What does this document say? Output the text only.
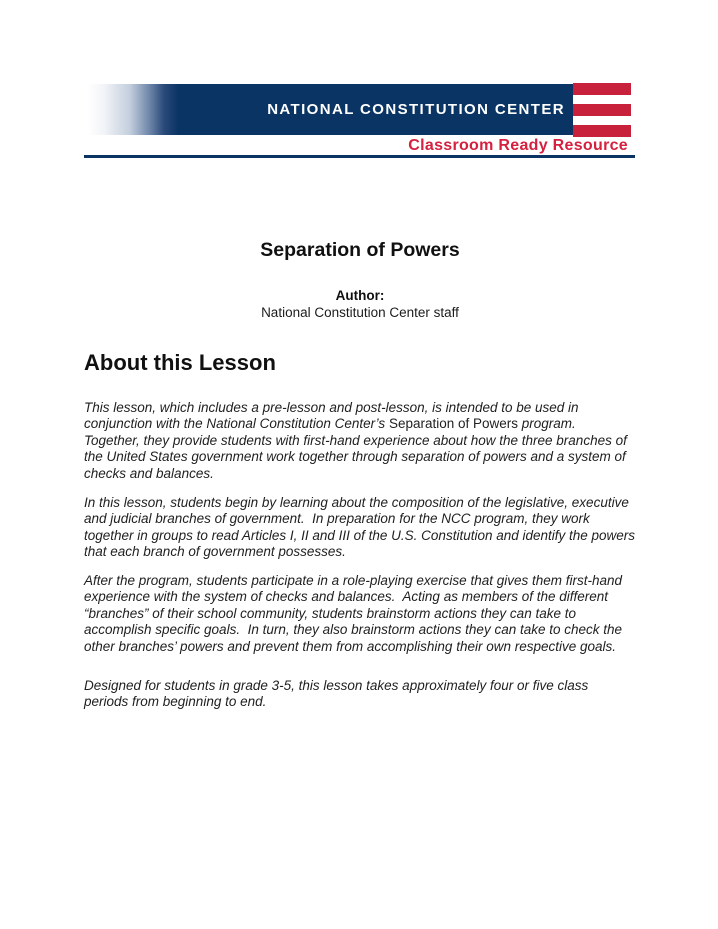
NATIONAL CONSTITUTION CENTER
Classroom Ready Resource
Separation of Powers
Author:
National Constitution Center staff
About this Lesson

This lesson, which includes a pre-lesson and post-lesson, is intended to be used in conjunction with the National Constitution Center’s Separation of Powers program.  Together, they provide students with first-hand experience about how the three branches of the United States government work together through separation of powers and a system of checks and balances.

In this lesson, students begin by learning about the composition of the legislative, executive and judicial branches of government.  In preparation for the NCC program, they work together in groups to read Articles I, II and III of the U.S. Constitution and identify the powers that each branch of government possesses.

After the program, students participate in a role-playing exercise that gives them first-hand experience with the system of checks and balances.  Acting as members of the different “branches” of their school community, students brainstorm actions they can take to accomplish specific goals.  In turn, they also brainstorm actions they can take to check the other branches’ powers and prevent them from accomplishing their own respective goals.

Designed for students in grade 3-5, this lesson takes approximately four or five class periods from beginning to end.
